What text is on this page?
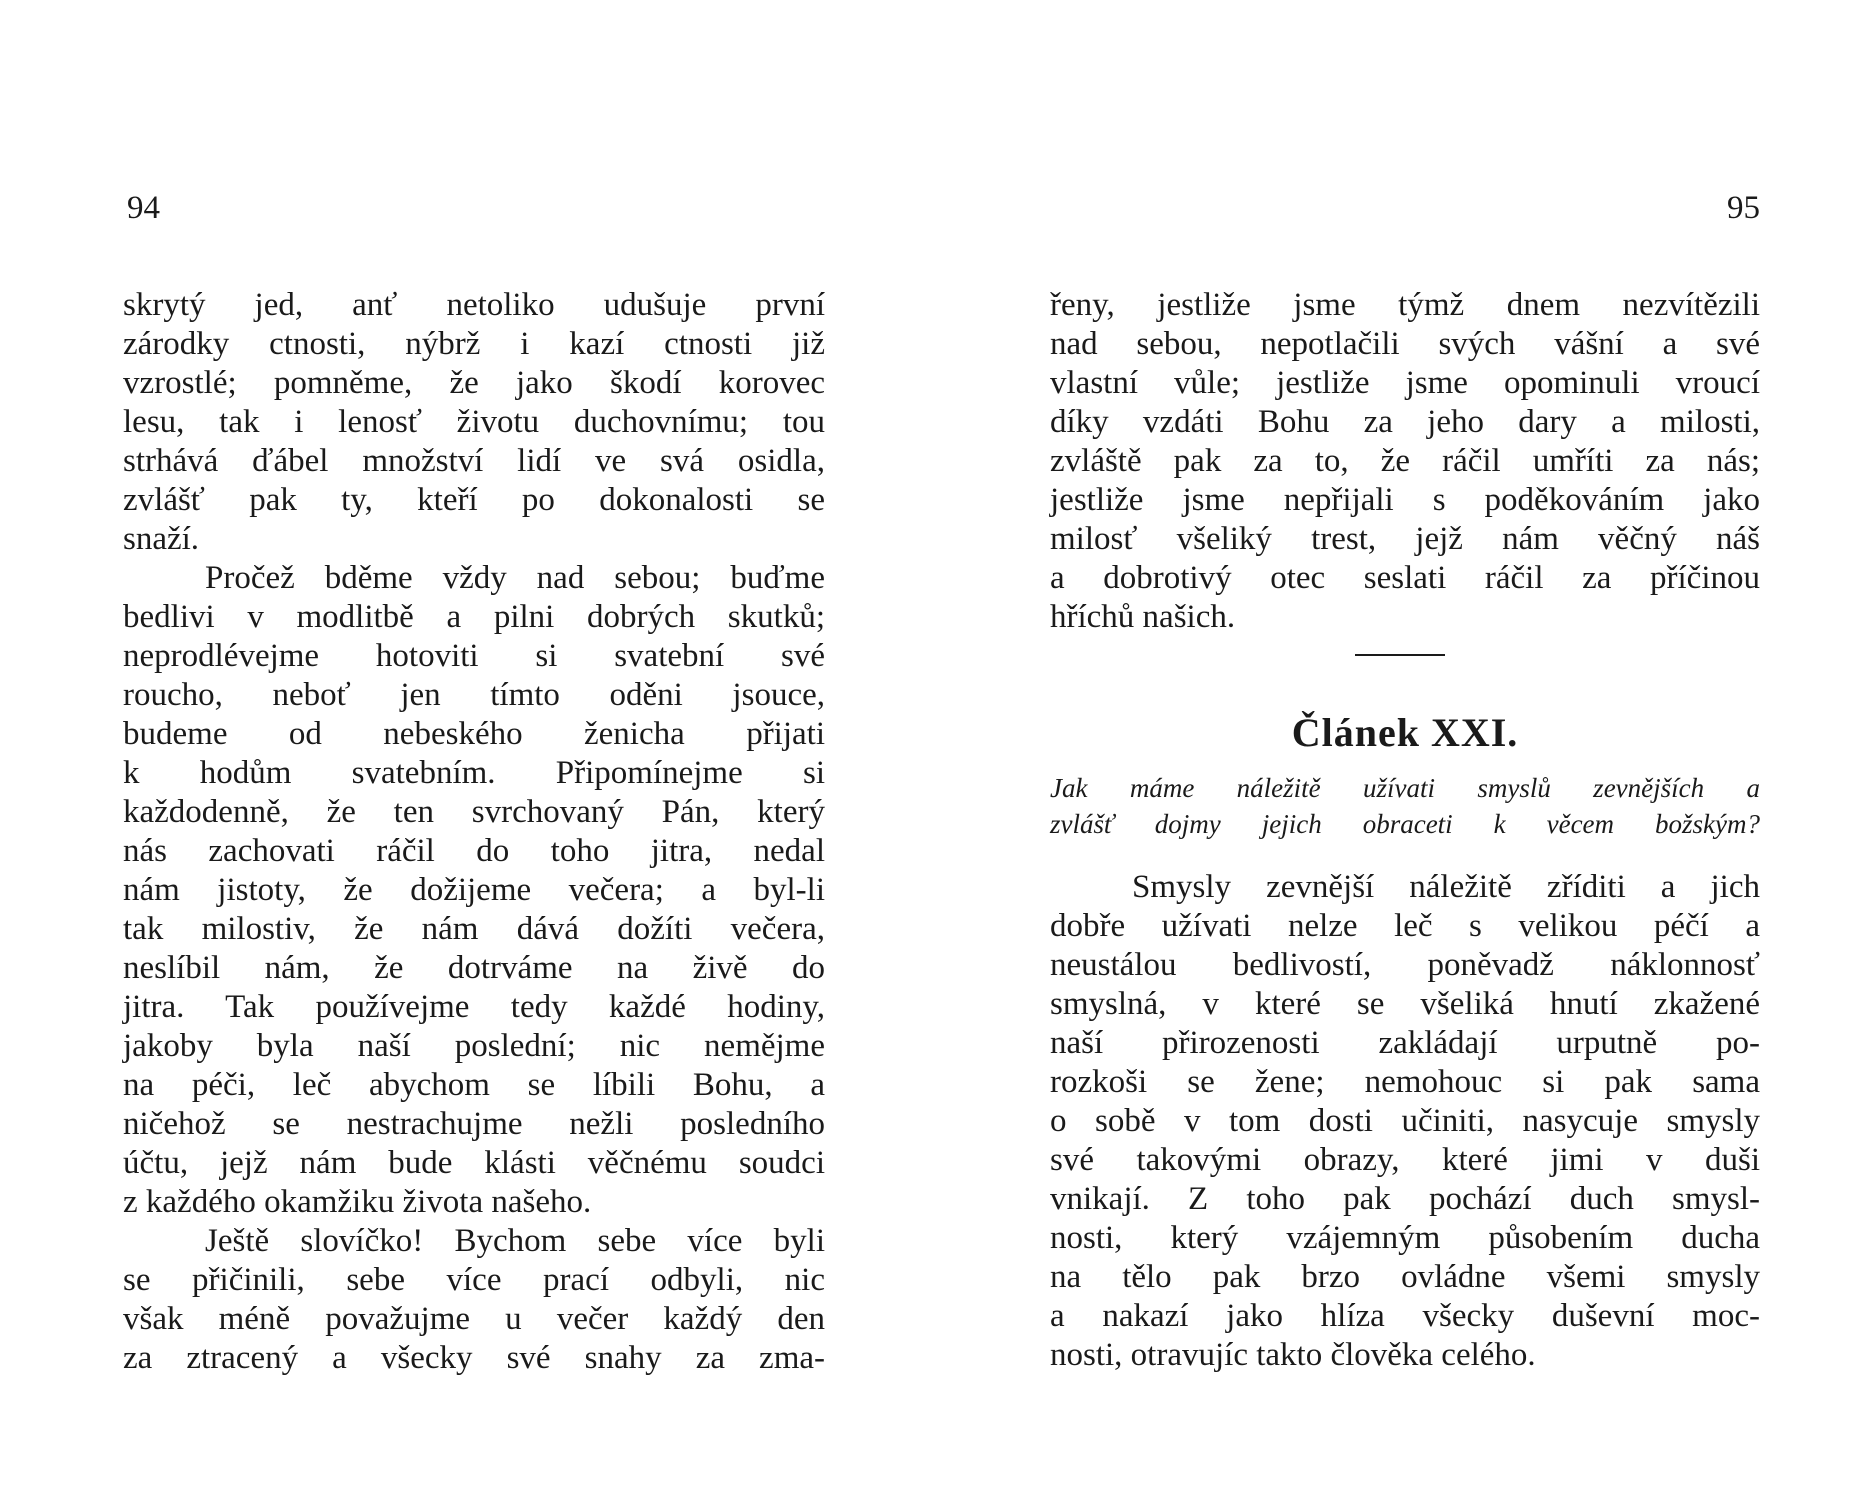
94
skrytý jed, anť netoliko udušuje první
zárodky ctnosti, nýbrž i kazí ctnosti již
vzrostlé; pomněme, že jako škodí korovec
lesu, tak i lenosť životu duchovnímu; tou
strhává ďábel množství lidí ve svá osidla,
zvlášť pak ty, kteří po dokonalosti se
snaží.
Pročež bděme vždy nad sebou; buďme
bedlivi v modlitbě a pilni dobrých skutků;
neprodlévejme hotoviti si svatební své
roucho, neboť jen tímto oděni jsouce,
budeme od nebeského ženicha přijati
k hodům svatebním. Připomínejme si
každodenně, že ten svrchovaný Pán, který
nás zachovati ráčil do toho jitra, nedal
nám jistoty, že dožijeme večera; a byl-li
tak milostiv, že nám dává dožíti večera,
neslíbil nám, že dotrváme na živě do
jitra. Tak používejme tedy každé hodiny,
jakoby byla naší poslední; nic nemějme
na péči, leč abychom se líbili Bohu, a
ničehož se nestrachujme nežli posledního
účtu, jejž nám bude klásti věčnému soudci
z každého okamžiku života našeho.
Ještě slovíčko! Bychom sebe více byli
se přičinili, sebe více prací odbyli, nic
však méně považujme u večer každý den
za ztracený a všecky své snahy za zma-
95
řeny, jestliže jsme týmž dnem nezvítězili
nad sebou, nepotlačili svých vášní a své
vlastní vůle; jestliže jsme opominuli vroucí
díky vzdáti Bohu za jeho dary a milosti,
zvláště pak za to, že ráčil umříti za nás;
jestliže jsme nepřijali s poděkováním jako
milosť všeliký trest, jejž nám věčný náš
a dobrotivý otec seslati ráčil za příčinou
hříchů našich.
Článek XXI.
Jak máme náležitě užívati smyslů zevnějších a
zvlášť dojmy jejich obraceti k věcem božským?
Smysly zevnější náležitě zříditi a jich
dobře užívati nelze leč s velikou péčí a
neustálou bedlivostí, poněvadž náklonnosť
smyslná, v které se všeliká hnutí zkažené
naší přirozenosti zakládají urputně po-
rozkoši se žene; nemohouc si pak sama
o sobě v tom dosti učiniti, nasycuje smysly
své takovými obrazy, které jimi v duši
vnikají. Z toho pak pochází duch smysl-
nosti, který vzájemným působením ducha
na tělo pak brzo ovládne všemi smysly
a nakazí jako hlíza všecky duševní moc-
nosti, otravujíc takto člověka celého.
